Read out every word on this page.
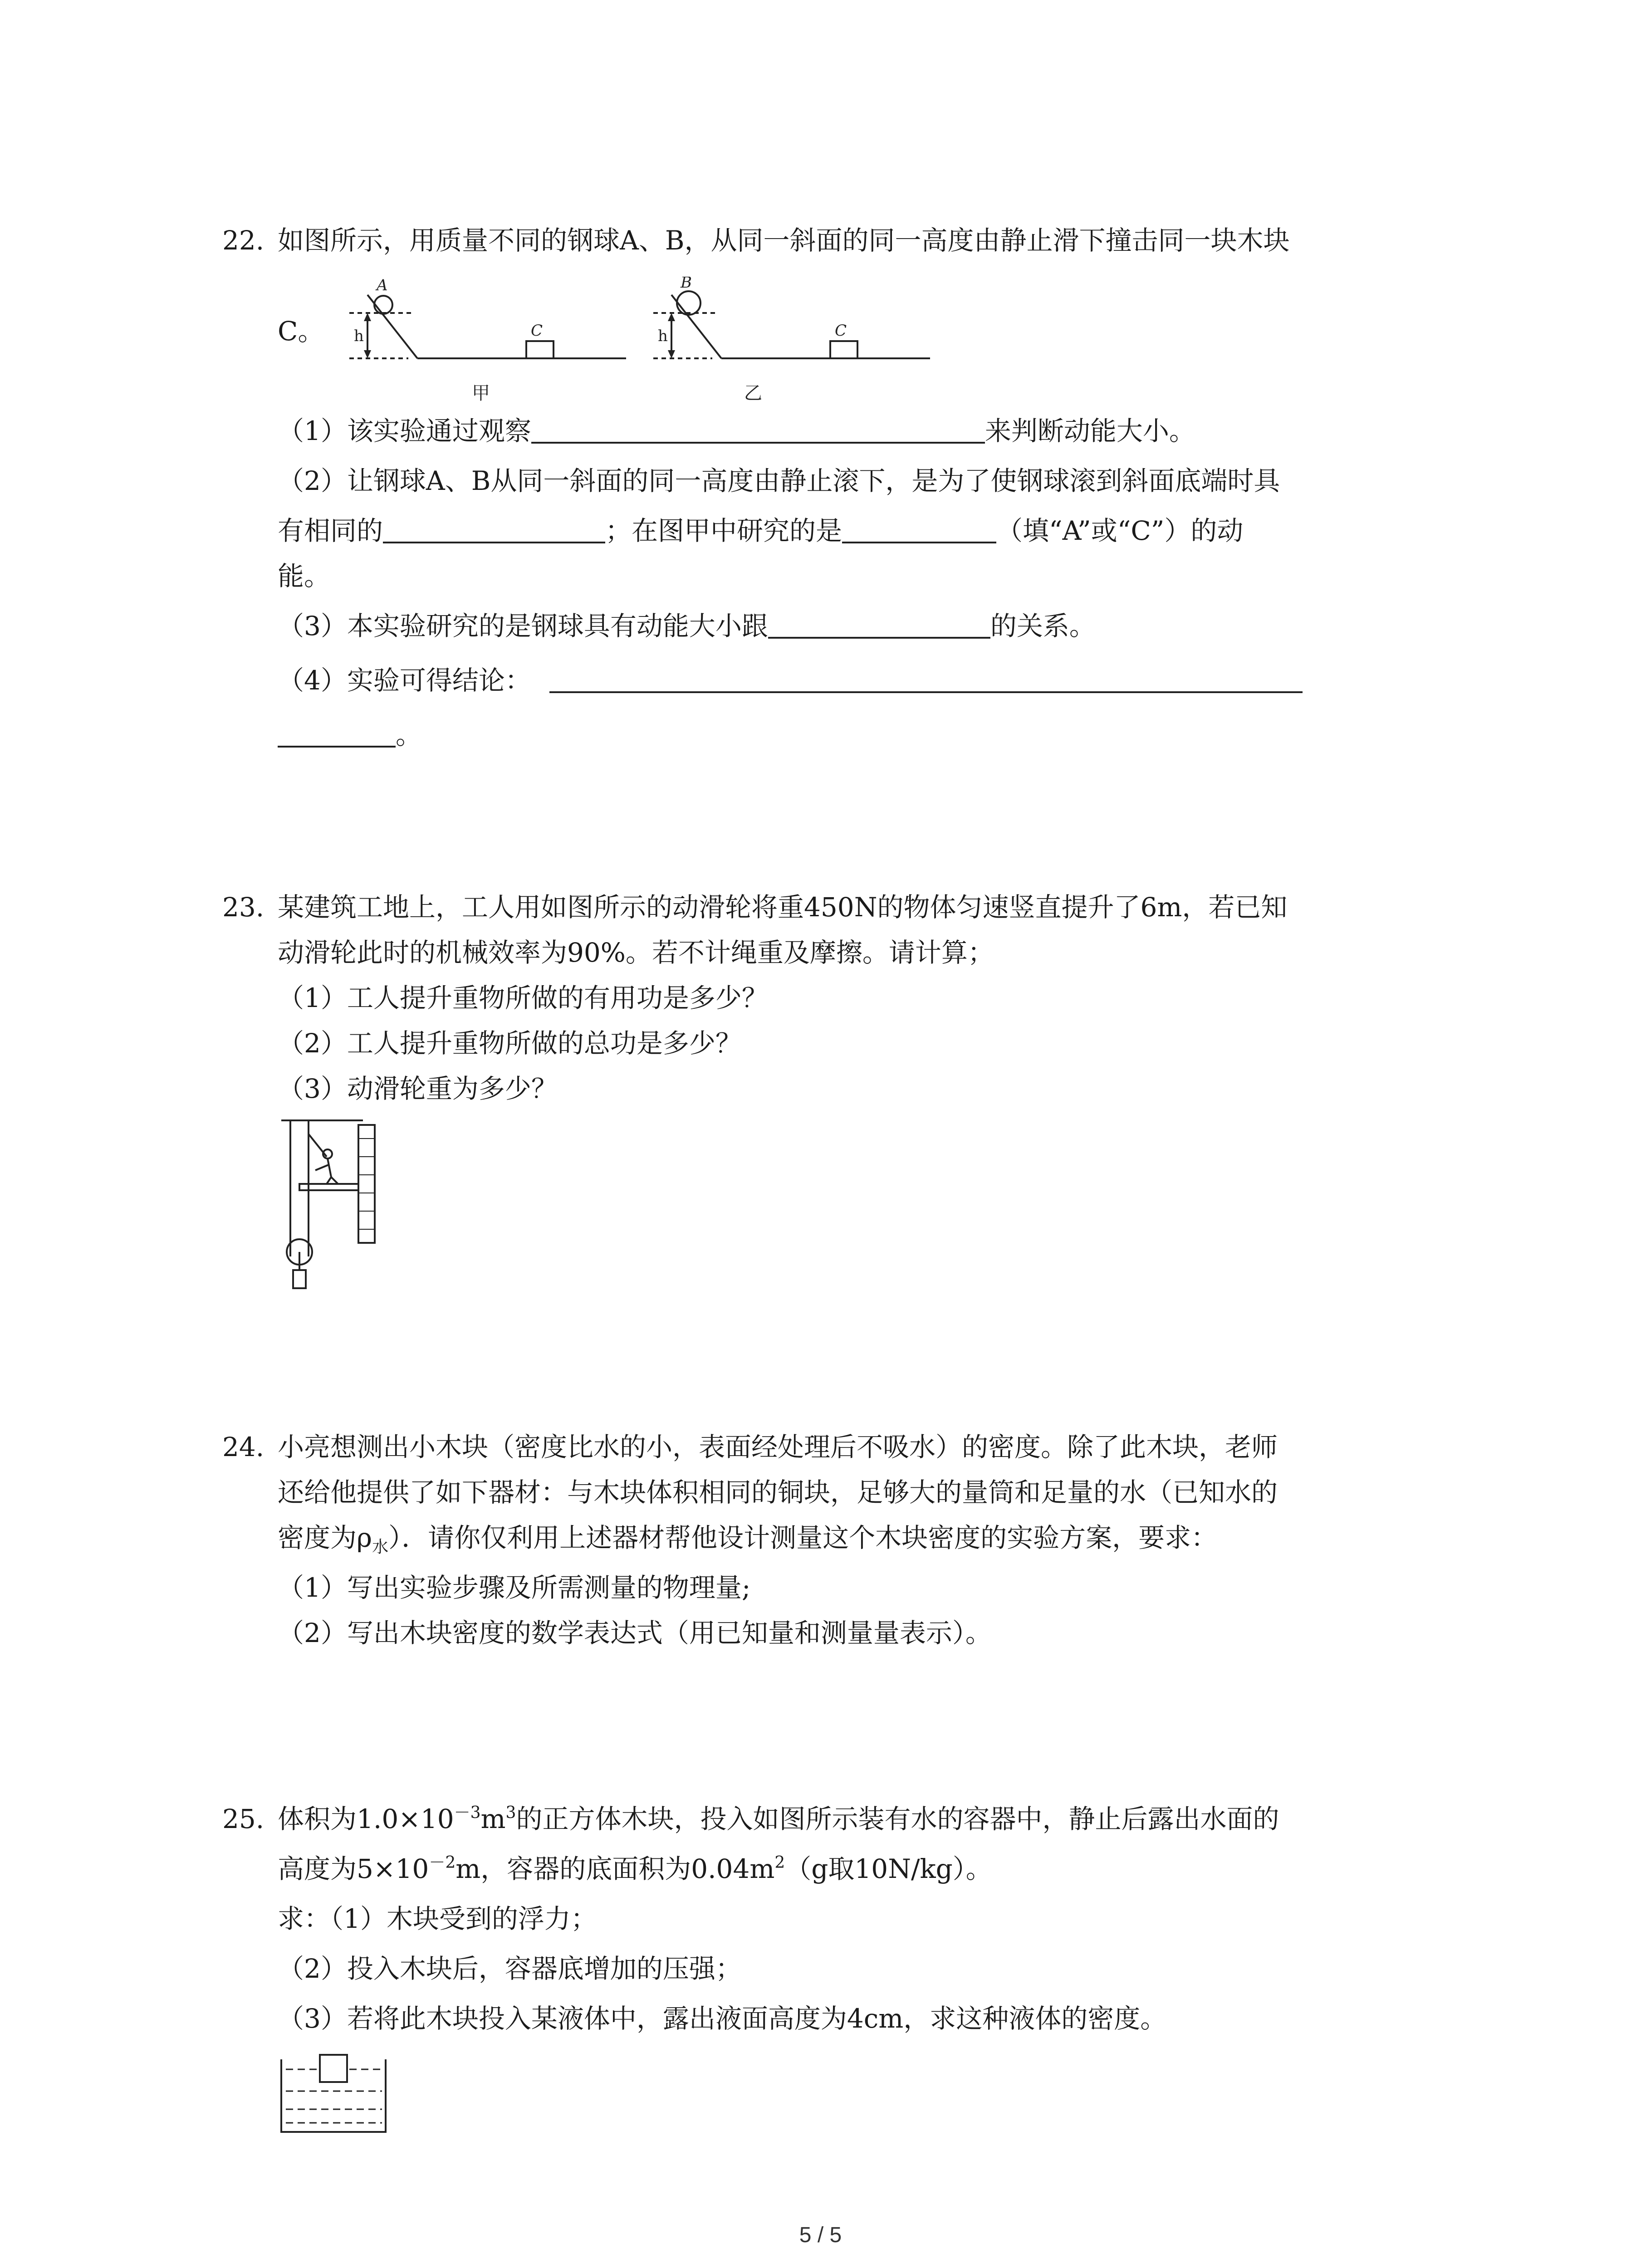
22. 如图所示，用质量不同的钢球A、B，从同一斜面的同一高度由静止滑下撞击同一块木块
C。
A
h	C
甲
B
h	C
乙
（1）该实验通过观察	来判断动能大小。
（2）让钢球A、B从同一斜面的同一高度由静止滚下，是为了使钢球滚到斜面底端时具
有相同的	；在图甲中研究的是	（填“A”或“C”）的动
能。
（3）本实验研究的是钢球具有动能大小跟	的关系。
（4）实验可得结论：
。
23. 某建筑工地上，工人用如图所示的动滑轮将重450N的物体匀速竖直提升了6m，若已知
动滑轮此时的机械效率为90%。若不计绳重及摩擦。请计算；
（1）工人提升重物所做的有用功是多少？
（2）工人提升重物所做的总功是多少？
（3）动滑轮重为多少？
24. 小亮想测出小木块（密度比水的小，表面经处理后不吸水）的密度。除了此木块，老师
还给他提供了如下器材：与木块体积相同的铜块，足够大的量筒和足量的水（已知水的
密度为$\rho_水$）．请你仅利用上述器材帮他设计测量这个木块密度的实验方案，要求：
（1）写出实验步骤及所需测量的物理量;
（2）写出木块密度的数学表达式（用已知量和测量量表示）。
25. 体积为$1.0\times 10^{-3}m^3$的正方体木块，投入如图所示装有水的容器中，静止后露出水面的
高度为$5\times 10^{-2}m$，容器的底面积为$0.04m^2(g$取10N/kg）。
求：（1）木块受到的浮力；
（2）投入木块后，容器底增加的压强；
（3）若将此木块投入某液体中，露出液面高度为4cm，求这种液体的密度。
5 / 5
